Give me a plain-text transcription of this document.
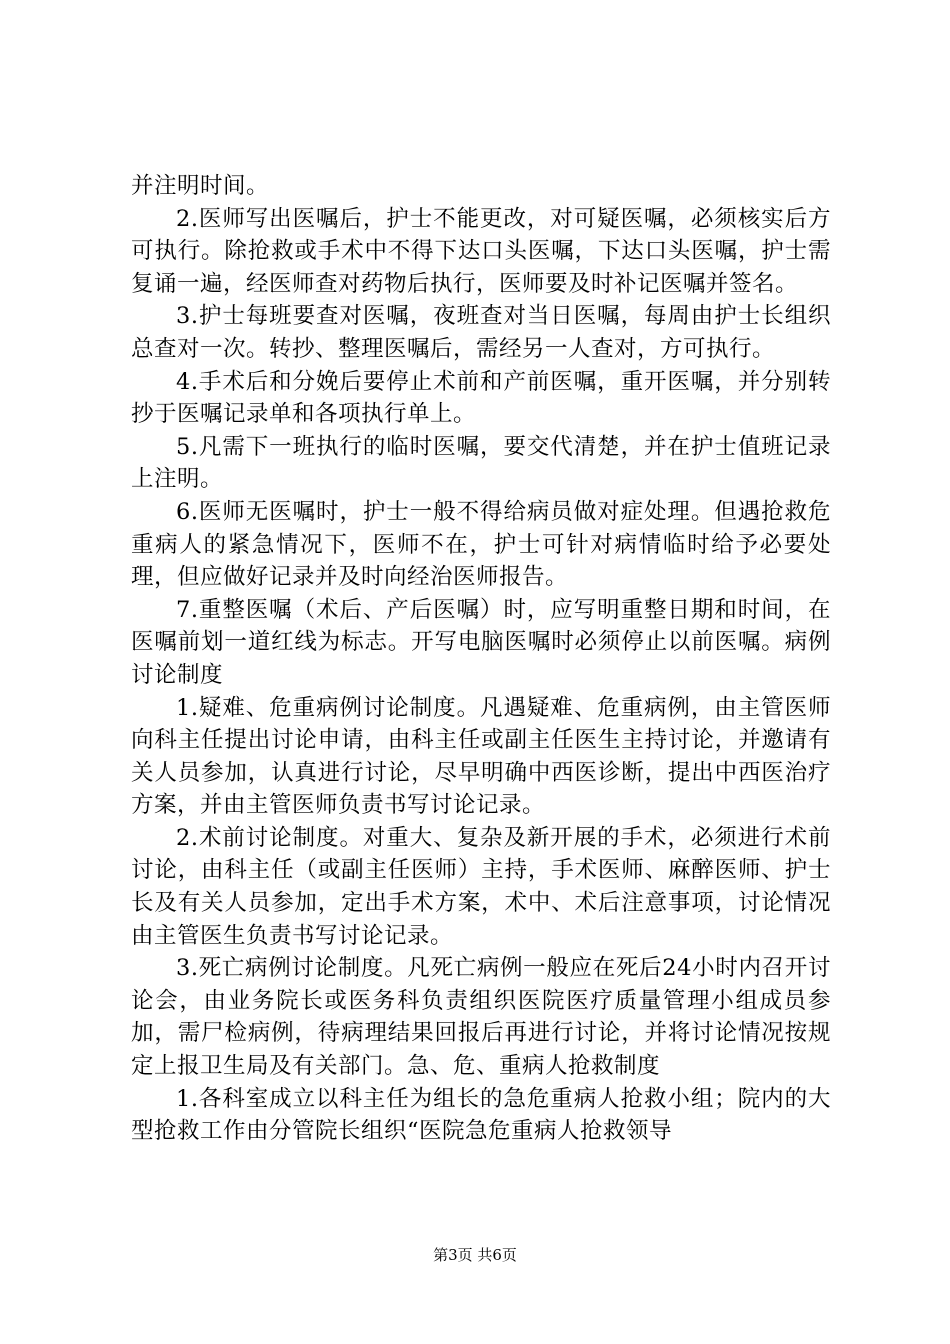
并注明时间。

2.医师写出医嘱后，护士不能更改，对可疑医嘱，必须核实后方可执行。除抢救或手术中不得下达口头医嘱，下达口头医嘱，护士需复诵一遍，经医师查对药物后执行，医师要及时补记医嘱并签名。

3.护士每班要查对医嘱，夜班查对当日医嘱，每周由护士长组织总查对一次。转抄、整理医嘱后，需经另一人查对，方可执行。

4.手术后和分娩后要停止术前和产前医嘱，重开医嘱，并分别转抄于医嘱记录单和各项执行单上。

5.凡需下一班执行的临时医嘱，要交代清楚，并在护士值班记录上注明。

6.医师无医嘱时，护士一般不得给病员做对症处理。但遇抢救危重病人的紧急情况下，医师不在，护士可针对病情临时给予必要处理，但应做好记录并及时向经治医师报告。

7.重整医嘱（术后、产后医嘱）时，应写明重整日期和时间，在医嘱前划一道红线为标志。开写电脑医嘱时必须停止以前医嘱。病例讨论制度

1.疑难、危重病例讨论制度。凡遇疑难、危重病例，由主管医师向科主任提出讨论申请，由科主任或副主任医生主持讨论，并邀请有关人员参加，认真进行讨论，尽早明确中西医诊断，提出中西医治疗方案，并由主管医师负责书写讨论记录。

2.术前讨论制度。对重大、复杂及新开展的手术，必须进行术前讨论，由科主任（或副主任医师）主持，手术医师、麻醉医师、护士长及有关人员参加，定出手术方案，术中、术后注意事项，讨论情况由主管医生负责书写讨论记录。

3.死亡病例讨论制度。凡死亡病例一般应在死后24小时内召开讨论会，由业务院长或医务科负责组织医院医疗质量管理小组成员参加，需尸检病例，待病理结果回报后再进行讨论，并将讨论情况按规定上报卫生局及有关部门。急、危、重病人抢救制度

1.各科室成立以科主任为组长的急危重病人抢救小组；院内的大型抢救工作由分管院长组织“医院急危重病人抢救领导

第3页 共6页
